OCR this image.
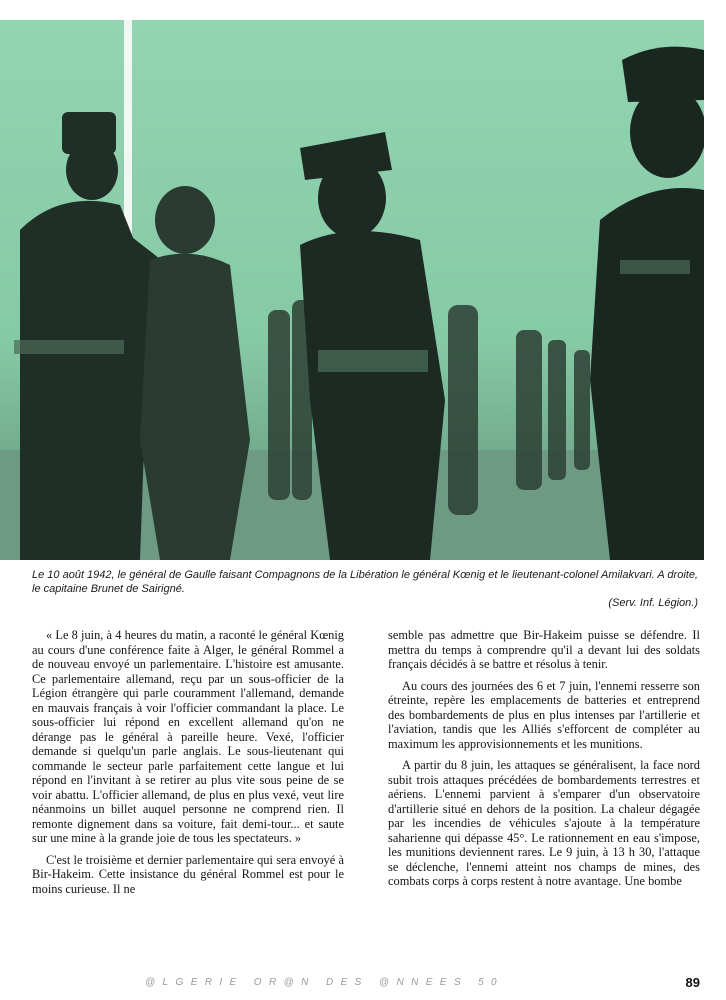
Le 10 août 1942, le général de Gaulle faisant Compagnons de la Libération le général Kœnig et le lieutenant-colonel Amilakvari. A droite, le capitaine Brunet de Sairigné.
(Serv. Inf. Légion.)

« Le 8 juin, à 4 heures du matin, a raconté le général Kœnig au cours d'une conférence faite à Alger, le général Rommel a de nouveau envoyé un parlementaire. L'histoire est amusante. Ce parlementaire allemand, reçu par un sous-officier de la Légion étrangère qui parle couramment l'allemand, demande en mauvais français à voir l'officier commandant la place. Le sous-officier lui répond en excellent allemand qu'on ne dérange pas le général à pareille heure. Vexé, l'officier demande si quelqu'un parle anglais. Le sous-lieutenant qui commande le secteur parle parfaitement cette langue et lui répond en l'invitant à se retirer au plus vite sous peine de se voir abattu. L'officier allemand, de plus en plus vexé, veut lire néanmoins un billet auquel personne ne comprend rien. Il remonte dignement dans sa voiture, fait demi-tour... et saute sur une mine à la grande joie de tous les spectateurs. »

C'est le troisième et dernier parlementaire qui sera envoyé à Bir-Hakeim. Cette insistance du général Rommel est pour le moins curieuse. Il ne

semble pas admettre que Bir-Hakeim puisse se défendre. Il mettra du temps à comprendre qu'il a devant lui des soldats français décidés à se battre et résolus à tenir.

Au cours des journées des 6 et 7 juin, l'ennemi resserre son étreinte, repère les emplacements de batteries et entreprend des bombardements de plus en plus intenses par l'artillerie et l'aviation, tandis que les Alliés s'efforcent de compléter au maximum les approvisionnements et les munitions.

A partir du 8 juin, les attaques se généralisent, la face nord subit trois attaques précédées de bombardements terrestres et aériens. L'ennemi parvient à s'emparer d'un observatoire d'artillerie situé en dehors de la position. La chaleur dégagée par les incendies de véhicules s'ajoute à la température saharienne qui dépasse 45°. Le rationnement en eau s'impose, les munitions deviennent rares. Le 9 juin, à 13 h 30, l'attaque se déclenche, l'ennemi atteint nos champs de mines, des combats corps à corps restent à notre avantage. Une bombe

@LGERIE OR@N DES @NNEES 50	89
